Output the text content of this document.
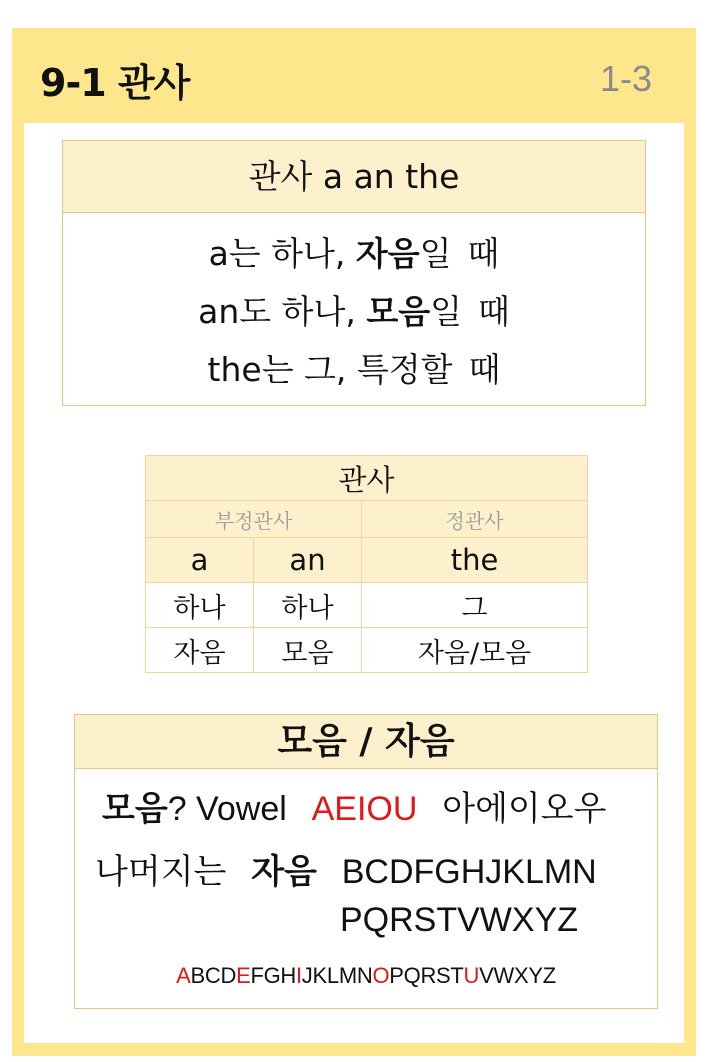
9-1 관사	1-3
관사 a an the
a는 하나, 자음일 때
an도 하나, 모음일 때
the는 그, 특정할 때
관사		
부정관사		정관사
a	an	the
하나	하나	그
자음	모음	자음/모음
모음 / 자음
모음? Vowel AEIOU 아에이오우
나머지는 자음 BCDFGHJKLMN
PQRSTVWXYZ
ABCDEFGHIJKLMNOPQRSTUVWXYZ
